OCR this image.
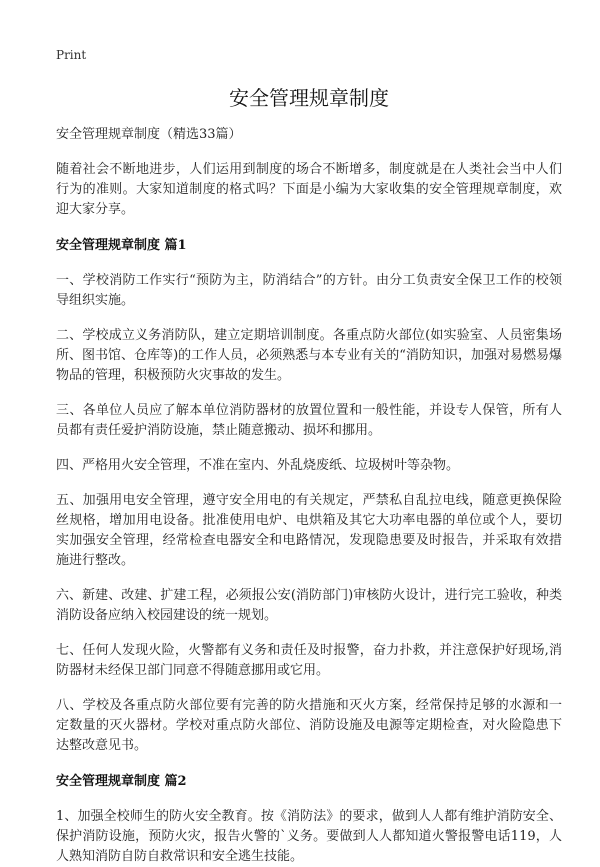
Print
安全管理规章制度
安全管理规章制度（精选33篇）

随着社会不断地进步，人们运用到制度的场合不断增多，制度就是在人类社会当中人们行为的准则。大家知道制度的格式吗？下面是小编为大家收集的安全管理规章制度，欢迎大家分享。

安全管理规章制度 篇1

一、学校消防工作实行“预防为主，防消结合”的方针。由分工负责安全保卫工作的校领导组织实施。

二、学校成立义务消防队，建立定期培训制度。各重点防火部位(如实验室、人员密集场所、图书馆、仓库等)的工作人员，必须熟悉与本专业有关的“消防知识，加强对易燃易爆物品的管理，积极预防火灾事故的发生。

三、各单位人员应了解本单位消防器材的放置位置和一般性能，并设专人保管，所有人员都有责任爱护消防设施，禁止随意搬动、损坏和挪用。

四、严格用火安全管理，不准在室内、外乱烧废纸、垃圾树叶等杂物。

五、加强用电安全管理，遵守安全用电的有关规定，严禁私自乱拉电线，随意更换保险丝规格，增加用电设备。批准使用电炉、电烘箱及其它大功率电器的单位或个人，要切实加强安全管理，经常检查电器安全和电路情况，发现隐患要及时报告，并采取有效措施进行整改。

六、新建、改建、扩建工程，必须报公安(消防部门)审核防火设计，进行完工验收，种类消防设备应纳入校园建设的统一规划。

七、任何人发现火险，火警都有义务和责任及时报警，奋力扑救，并注意保护好现场,消防器材未经保卫部门同意不得随意挪用或它用。

八、学校及各重点防火部位要有完善的防火措施和灭火方案，经常保持足够的水源和一定数量的灭火器材。学校对重点防火部位、消防设施及电源等定期检查，对火险隐患下达整改意见书。

安全管理规章制度 篇2

1、加强全校师生的防火安全教育。按《消防法》的要求，做到人人都有维护消防安全、保护消防设施，预防火灾，报告火警的`义务。要做到人人都知道火警报警电话119，人人熟知消防自防自救常识和安全逃生技能。
